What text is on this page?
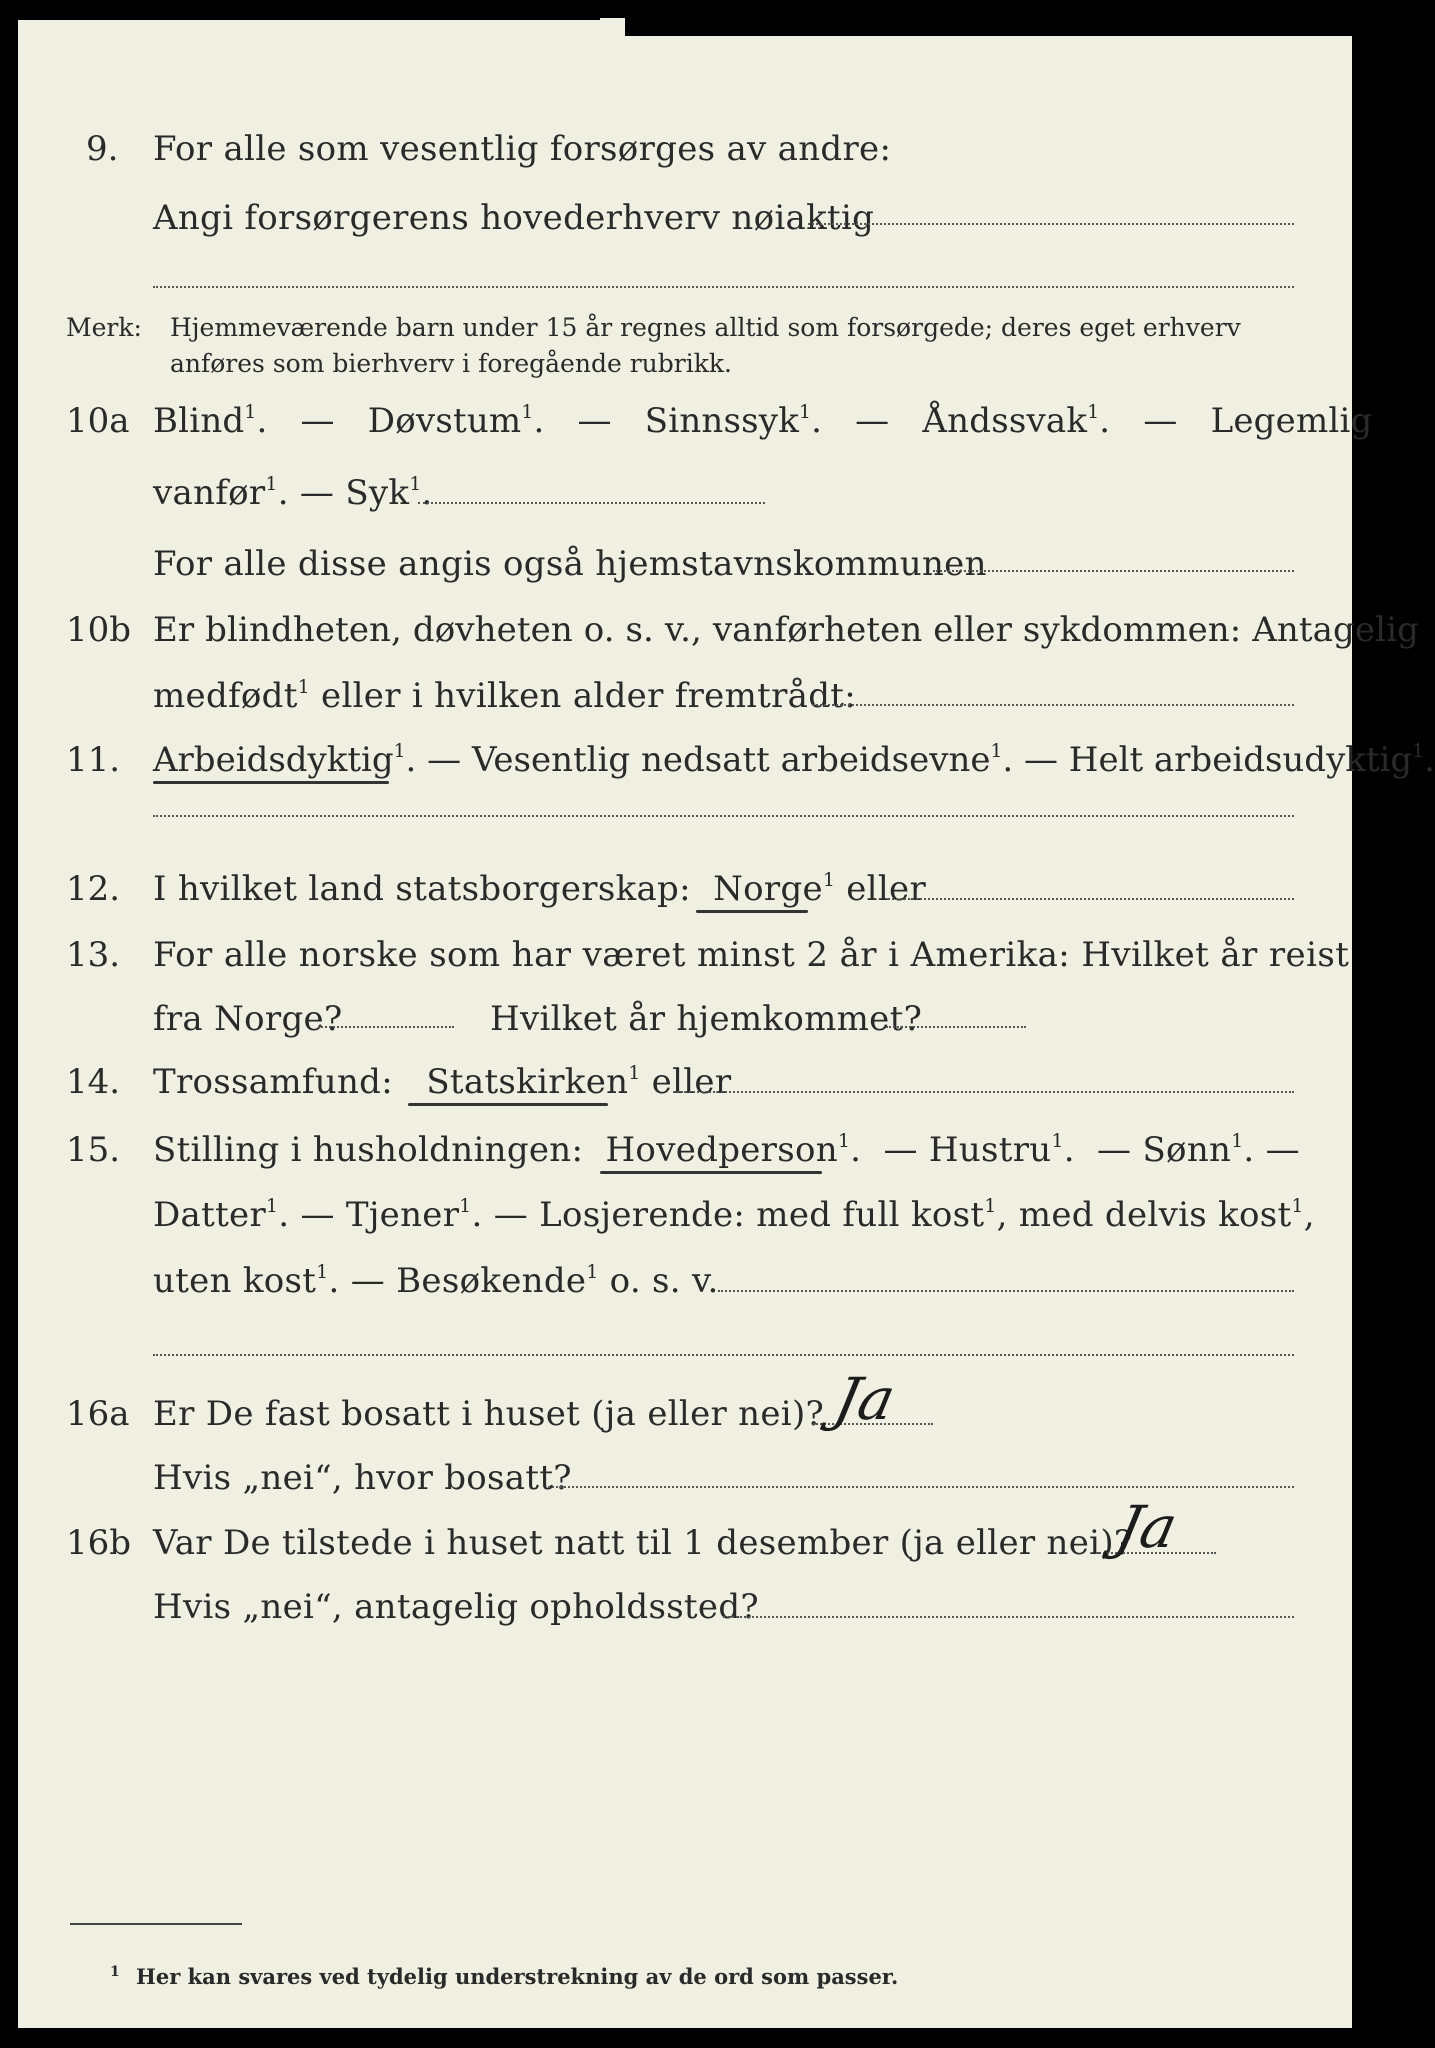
9. For alle som vesentlig forsørges av andre:
Angi forsørgerens hovederhverv nøiaktig
Merk: Hjemmeværende barn under 15 år regnes alltid som forsørgede; deres eget erhverv
anføres som bierhverv i foregående rubrikk.
10a Blind$^1$. — Døvstum$^1$. — Sinnssyk$^1$. — Åndssvak$^1$. — Legemlig
vanfør$^1$. — Syk$^1$.
For alle disse angis også hjemstavnskommunen
10b Er blindheten, døvheten o. s. v., vanførheten eller sykdommen: Antagelig
medfødt$^1$ eller i hvilken alder fremtrådt:
11. Arbeidsdyktig$^1$. — Vesentlig nedsatt arbeidsevne$^1$. — Helt arbeidsudyktig$^1$.
12. I hvilket land statsborgerskap: Norge$^1$ eller
13. For alle norske som har været minst 2 år i Amerika: Hvilket år reist
fra Norge?	Hvilket år hjemkommet?
14. Trossamfund: Statskirken$^1$ eller
15. Stilling i husholdningen: Hovedperson$^1$.  — Hustru$^1$.  — Sønn$^1$. —
Datter$^1$. — Tjener$^1$. — Losjerende: med full kost$^1$, med delvis kost$^1$,
uten kost$^1$. — Besøkende$^1$ o. s. v.
16a Er De fast bosatt i huset (ja eller nei)? Ja
Hvis „nei“, hvor bosatt?
16b Var De tilstede i huset natt til 1 desember (ja eller nei)?
Ja
Hvis „nei“, antagelig opholdssted?
1 Her kan svares ved tydelig understrekning av de ord som passer.
